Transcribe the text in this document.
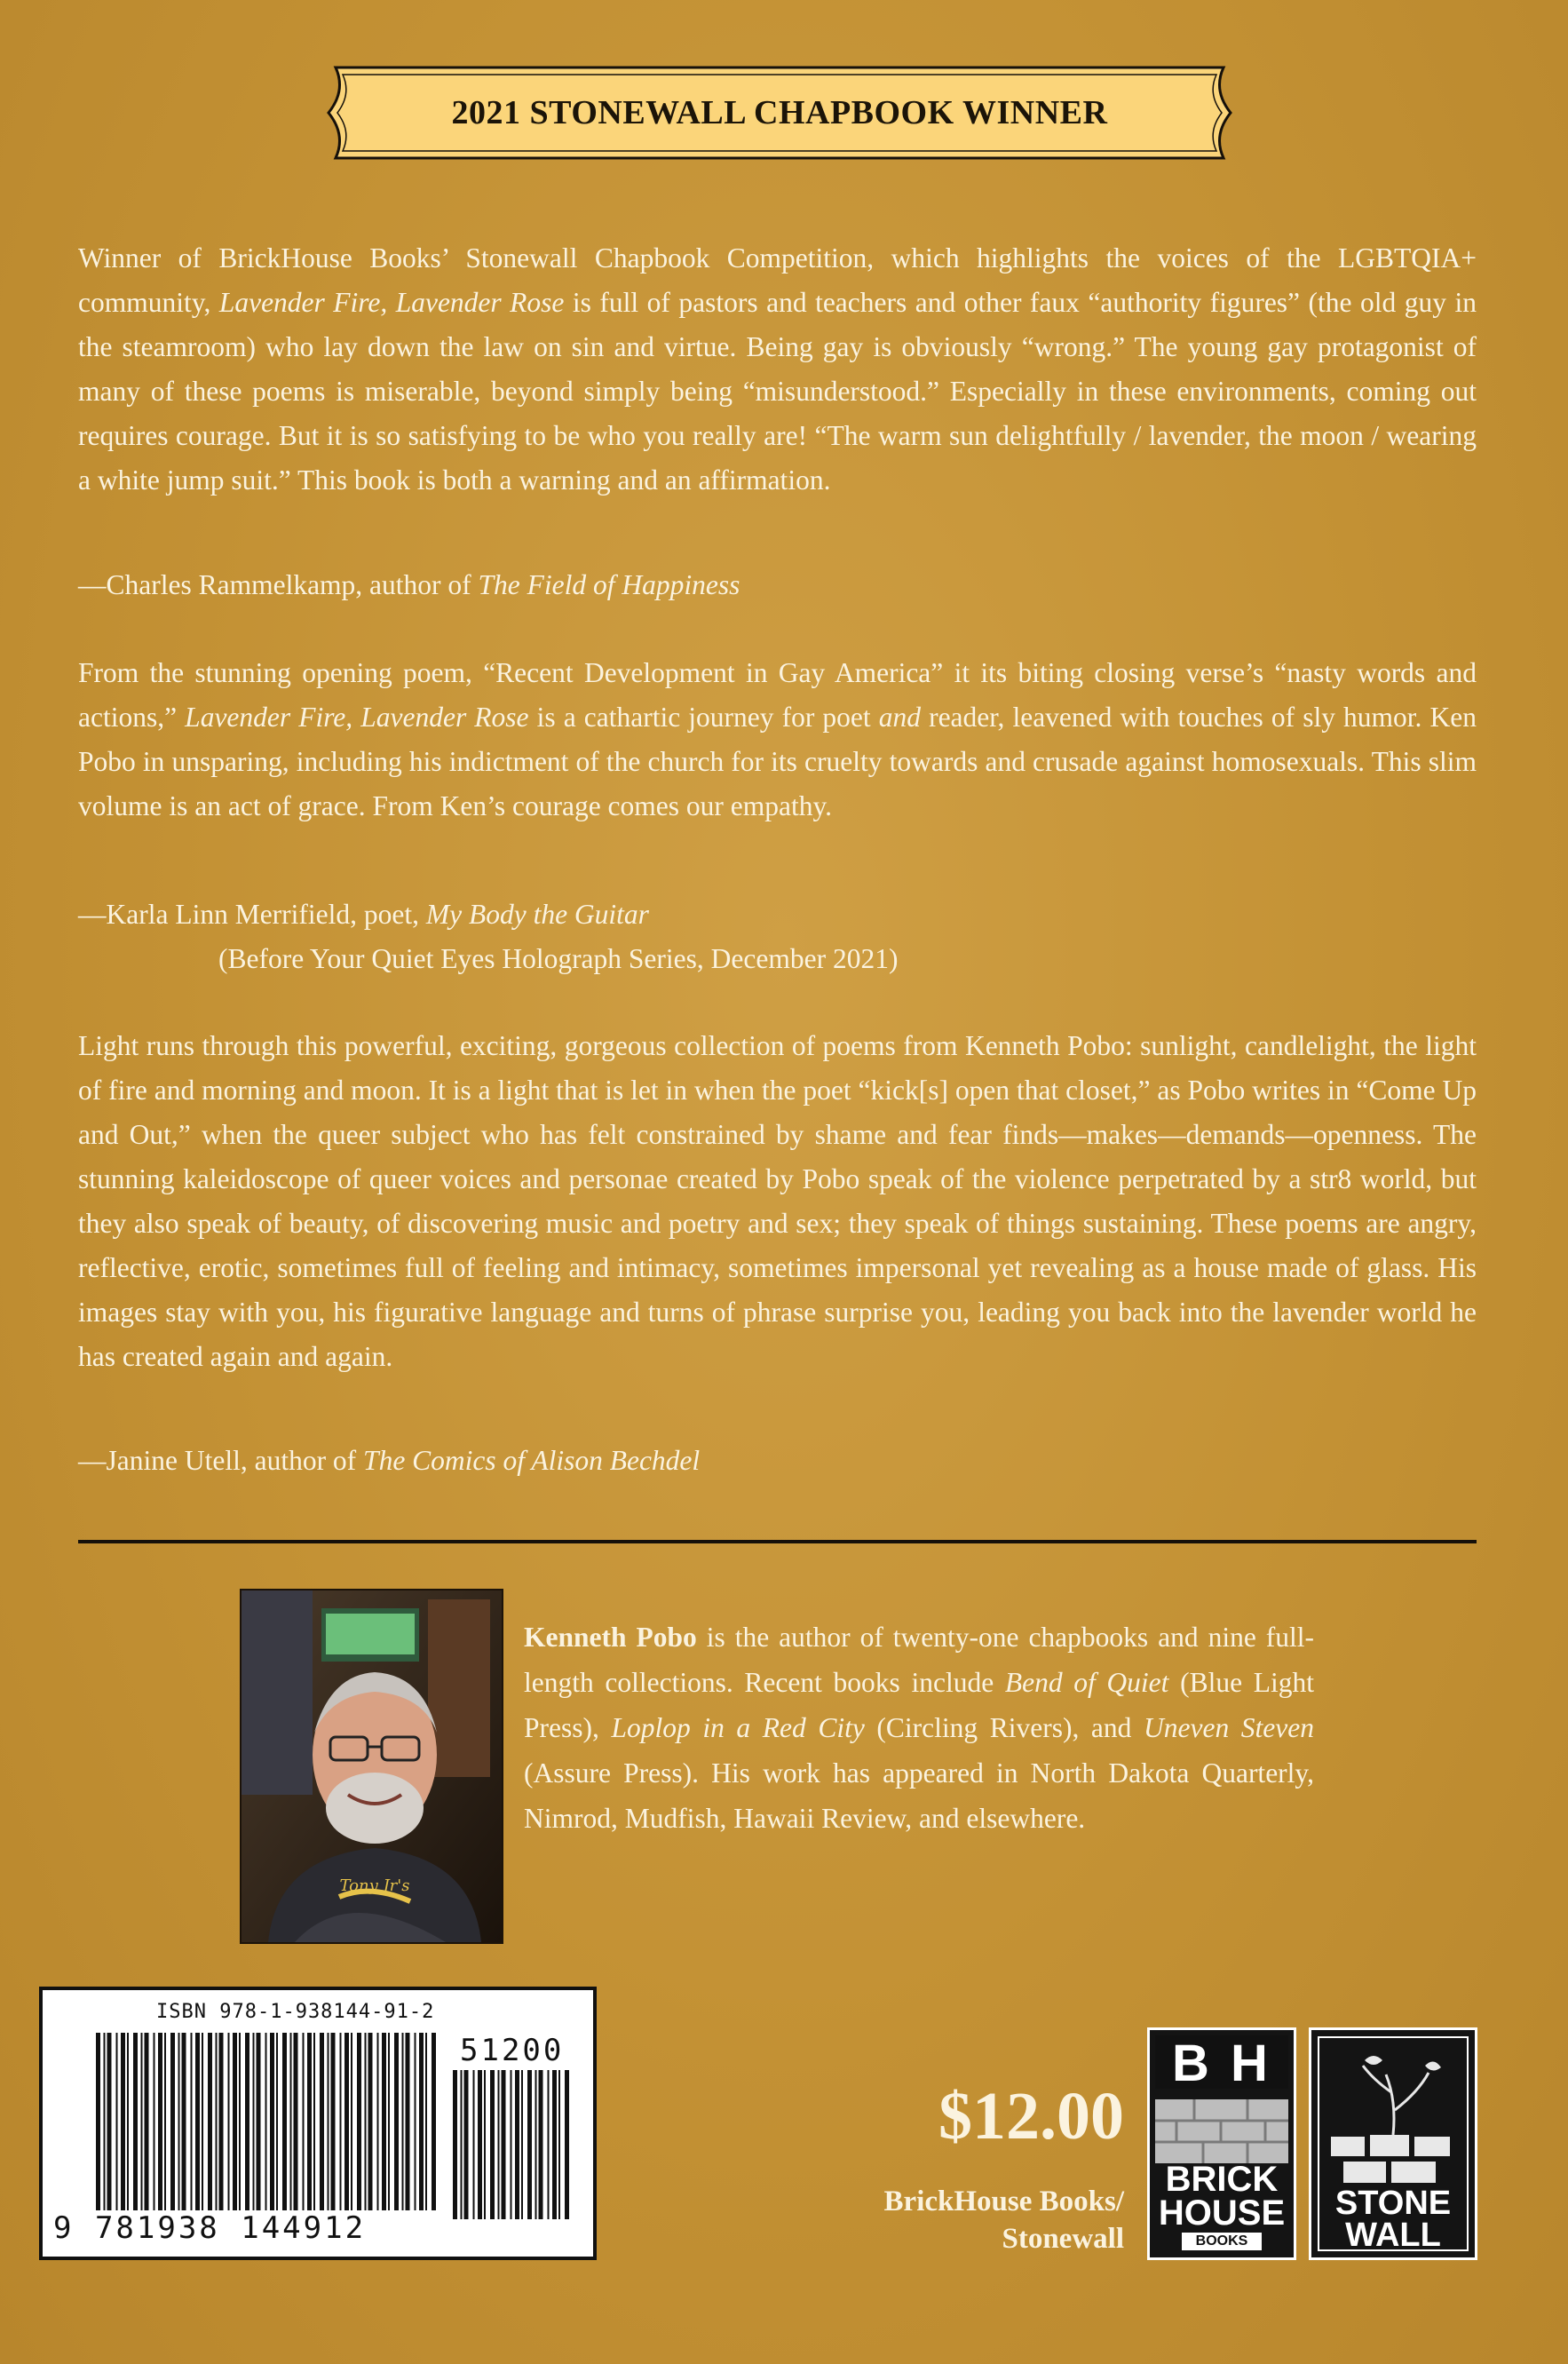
2021 STONEWALL CHAPBOOK WINNER
Winner of BrickHouse Books’ Stonewall Chapbook Competition, which highlights the voices of the LGBTQIA+ community, Lavender Fire, Lavender Rose is full of pastors and teachers and other faux “authority figures” (the old guy in the steamroom) who lay down the law on sin and virtue. Being gay is obviously “wrong.” The young gay protagonist of many of these poems is miserable, beyond simply being “misunderstood.” Especially in these environments, coming out requires courage. But it is so satisfying to be who you really are! “The warm sun delightfully / lavender, the moon / wearing a white jump suit.” This book is both a warning and an affirmation.
—Charles Rammelkamp, author of The Field of Happiness
From the stunning opening poem, “Recent Development in Gay America” it its biting closing verse’s “nasty words and actions,” Lavender Fire, Lavender Rose is a cathartic journey for poet and reader, leavened with touches of sly humor. Ken Pobo in unsparing, including his indictment of the church for its cruelty towards and crusade against homosexuals. This slim volume is an act of grace. From Ken’s courage comes our empathy.
—Karla Linn Merrifield, poet, My Body the Guitar
(Before Your Quiet Eyes Holograph Series, December 2021)
Light runs through this powerful, exciting, gorgeous collection of poems from Kenneth Pobo: sunlight, candlelight, the light of fire and morning and moon. It is a light that is let in when the poet “kick[s] open that closet,” as Pobo writes in “Come Up and Out,” when the queer subject who has felt constrained by shame and fear finds—makes—demands—openness. The stunning kaleidoscope of queer voices and personae created by Pobo speak of the violence perpetrated by a str8 world, but they also speak of beauty, of discovering music and poetry and sex; they speak of things sustaining. These poems are angry, reflective, erotic, sometimes full of feeling and intimacy, sometimes impersonal yet revealing as a house made of glass. His images stay with you, his figurative language and turns of phrase surprise you, leading you back into the lavender world he has created again and again.
—Janine Utell, author of The Comics of Alison Bechdel
Tony Jr's
Kenneth Pobo is the author of twenty-one chapbooks and nine full-length collections. Recent books include Bend of Quiet (Blue Light Press), Loplop in a Red City (Circling Rivers), and Uneven Steven (Assure Press). His work has appeared in North Dakota Quarterly, Nimrod, Mudfish, Hawaii Review, and elsewhere.
ISBN 978-1-938144-91-2
51200
9 781938 144912
$12.00
BrickHouse Books/
Stonewall
B H
BRICK
HOUSE
BOOKS
STONE
WALL
